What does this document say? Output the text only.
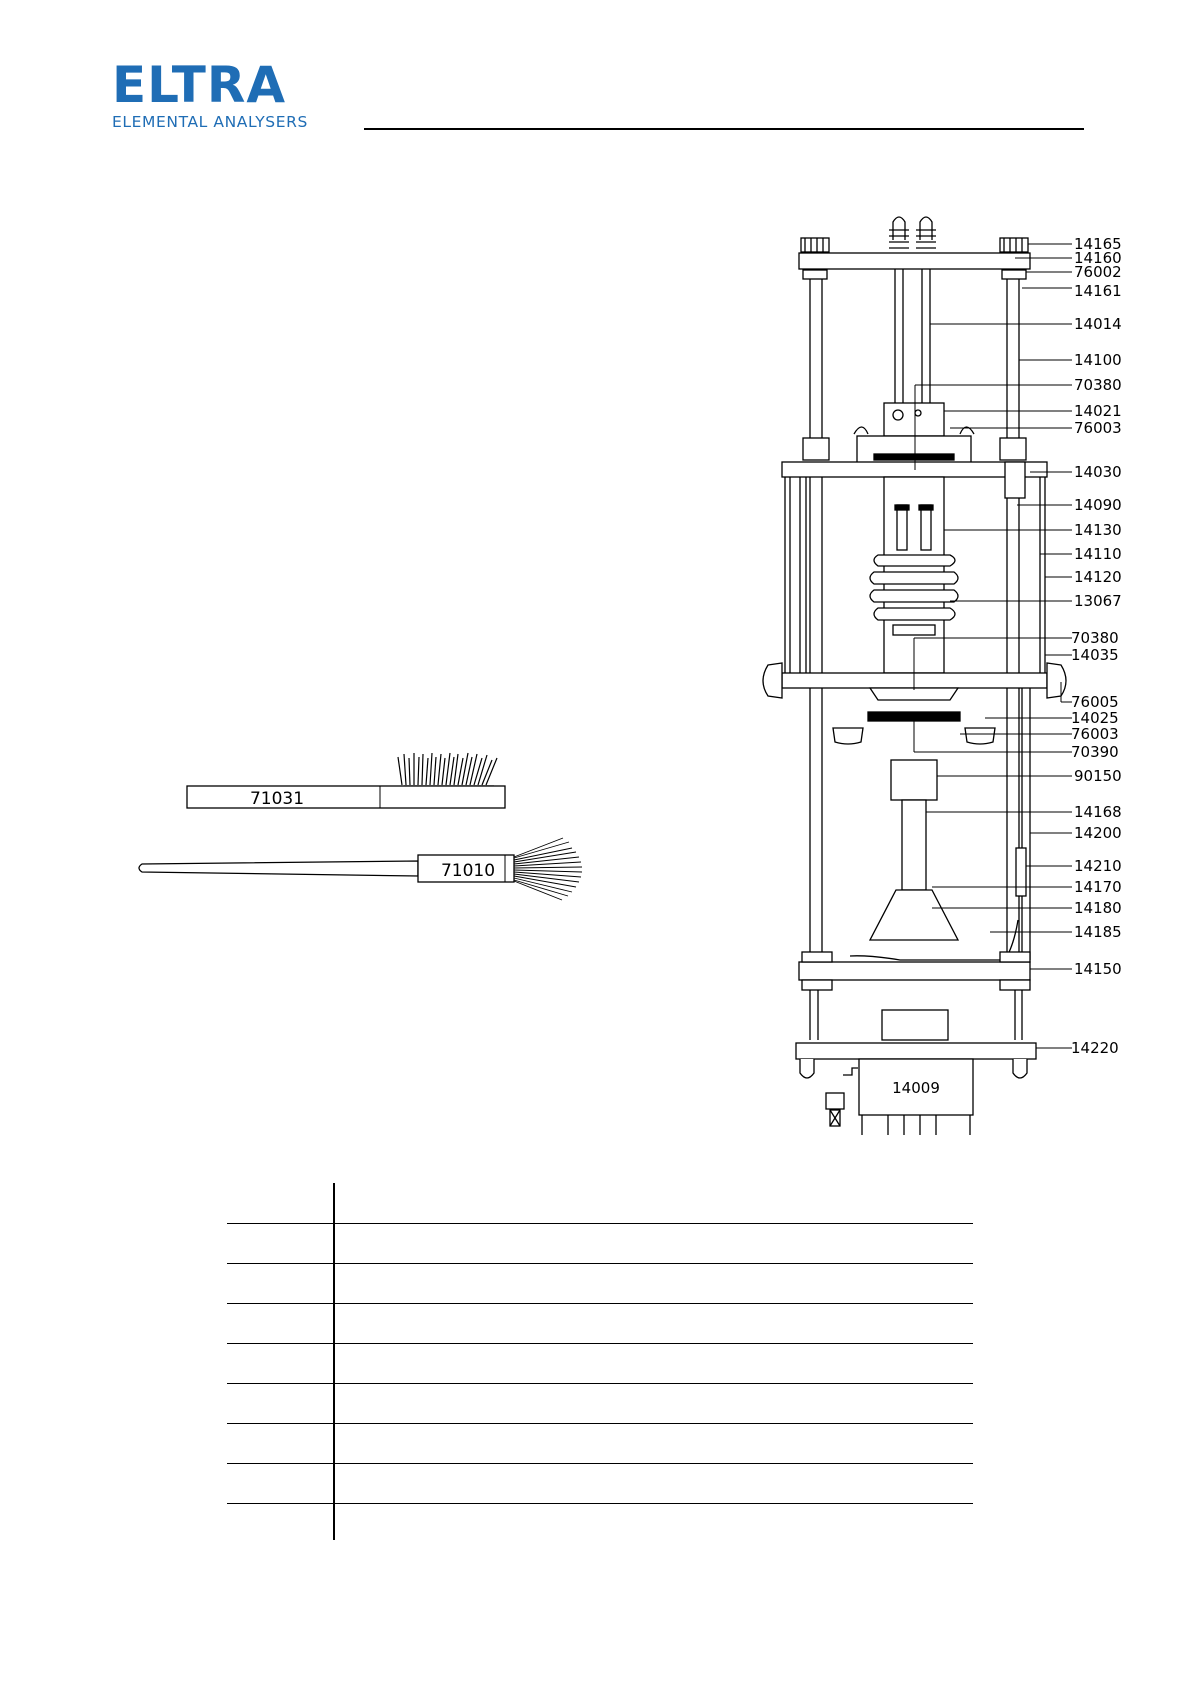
ELTRA
ELEMENTAL ANALYSERS
71031
71010
14165
14160
76002
14161
14014
14100
70380
14021
76003
14030
14090
14130
14110
14120
13067
70380
14035
76005
14025
76003
70390
90150
14168
14200
14210
14170
14180
14185
14150
14220
14009
